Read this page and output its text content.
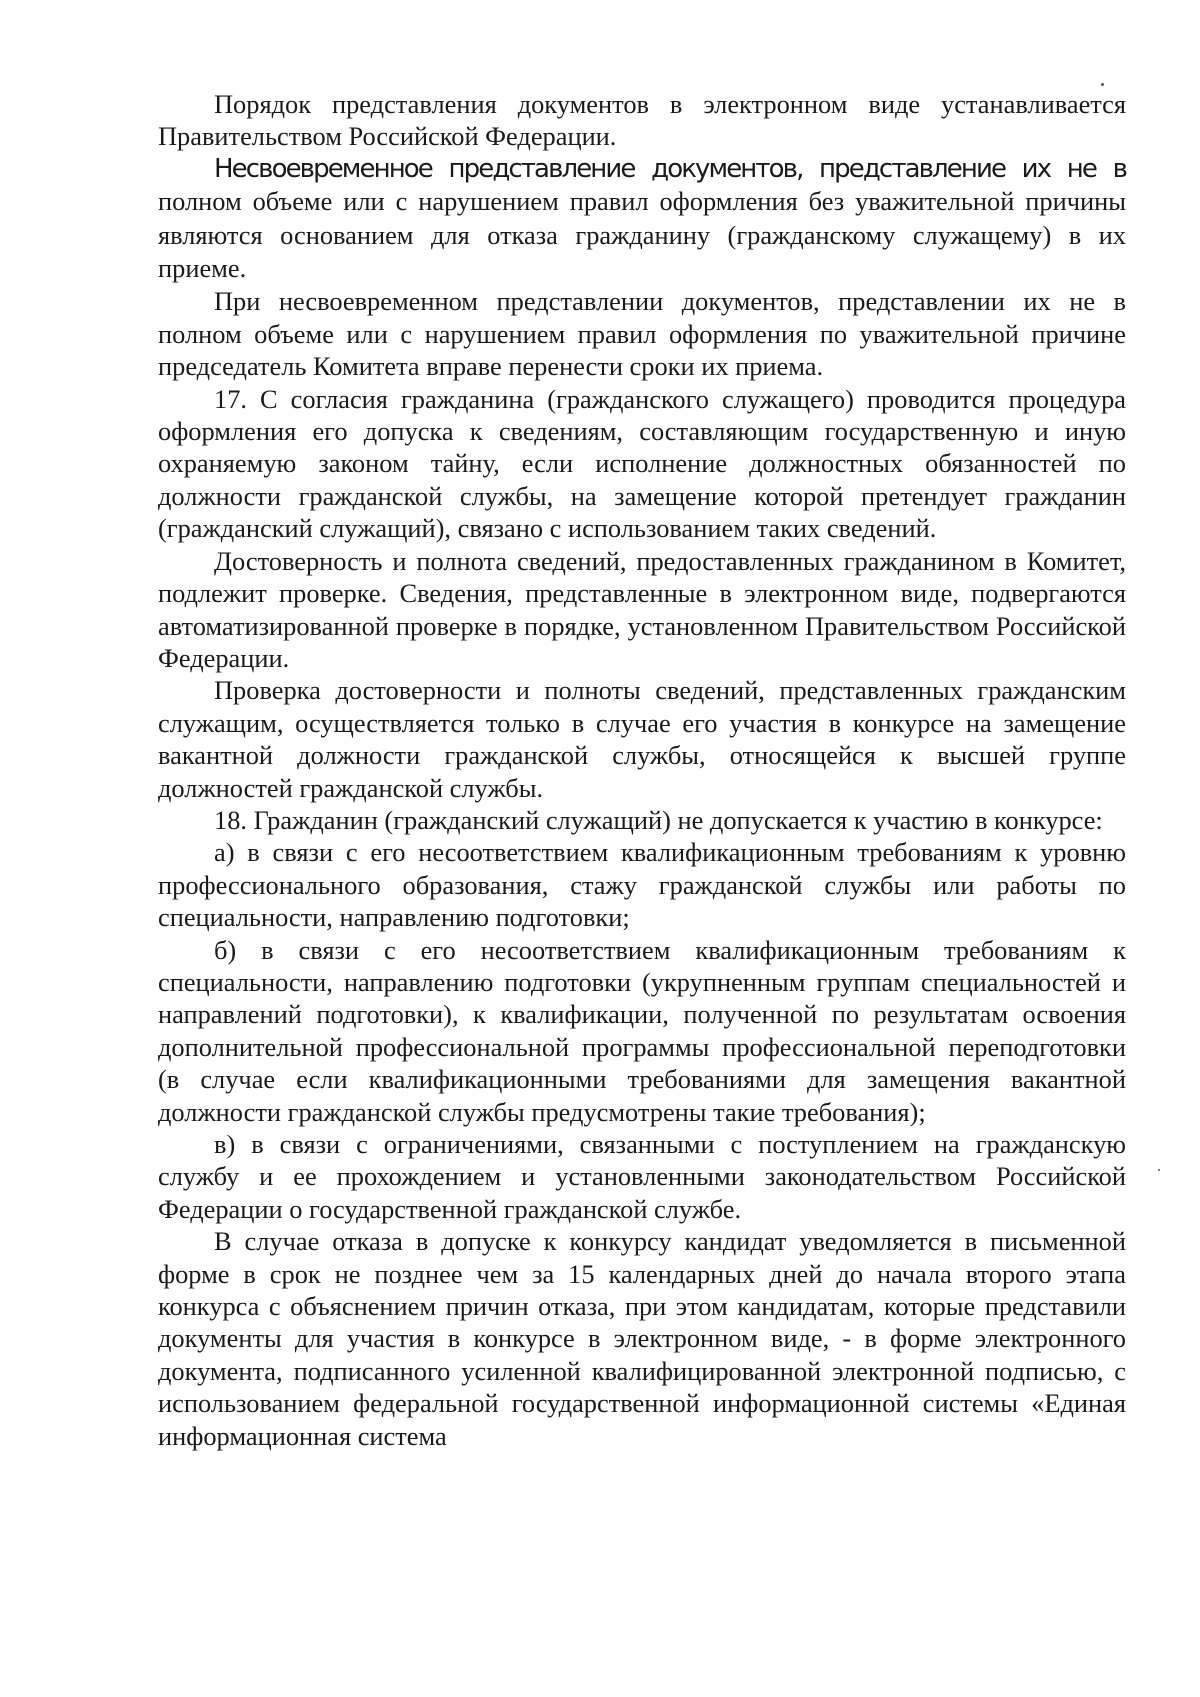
Порядок представления документов в электронном виде устанавливается Правительством Российской Федерации.

Несвоевременное представление документов, представление их не в полном объеме или с нарушением правил оформления без уважительной причины являются основанием для отказа гражданину (гражданскому служащему) в их приеме.

При несвоевременном представлении документов, представлении их не в полном объеме или с нарушением правил оформления по уважительной причине председатель Комитета вправе перенести сроки их приема.

17. С согласия гражданина (гражданского служащего) проводится процедура оформления его допуска к сведениям, составляющим государственную и иную охраняемую законом тайну, если исполнение должностных обязанностей по должности гражданской службы, на замещение которой претендует гражданин (гражданский служащий), связано с использованием таких сведений.

Достоверность и полнота сведений, предоставленных гражданином в Комитет, подлежит проверке. Сведения, представленные в электронном виде, подвергаются автоматизированной проверке в порядке, установленном Правительством Российской Федерации.

Проверка достоверности и полноты сведений, представленных гражданским служащим, осуществляется только в случае его участия в конкурсе на замещение вакантной должности гражданской службы, относящейся к высшей группе должностей гражданской службы.

18. Гражданин (гражданский служащий) не допускается к участию в конкурсе:

а) в связи с его несоответствием квалификационным требованиям к уровню профессионального образования, стажу гражданской службы или работы по специальности, направлению подготовки;

б) в связи с его несоответствием квалификационным требованиям к специальности, направлению подготовки (укрупненным группам специальностей и направлений подготовки), к квалификации, полученной по результатам освоения дополнительной профессиональной программы профессиональной переподготовки (в случае если квалификационными требованиями для замещения вакантной должности гражданской службы предусмотрены такие требования);

в) в связи с ограничениями, связанными с поступлением на гражданскую службу и ее прохождением и установленными законодательством Российской Федерации о государственной гражданской службе.

В случае отказа в допуске к конкурсу кандидат уведомляется в письменной форме в срок не позднее чем за 15 календарных дней до начала второго этапа конкурса с объяснением причин отказа, при этом кандидатам, которые представили документы для участия в конкурсе в электронном виде, - в форме электронного документа, подписанного усиленной квалифицированной электронной подписью, с использованием федеральной государственной информационной системы «Единая информационная система
